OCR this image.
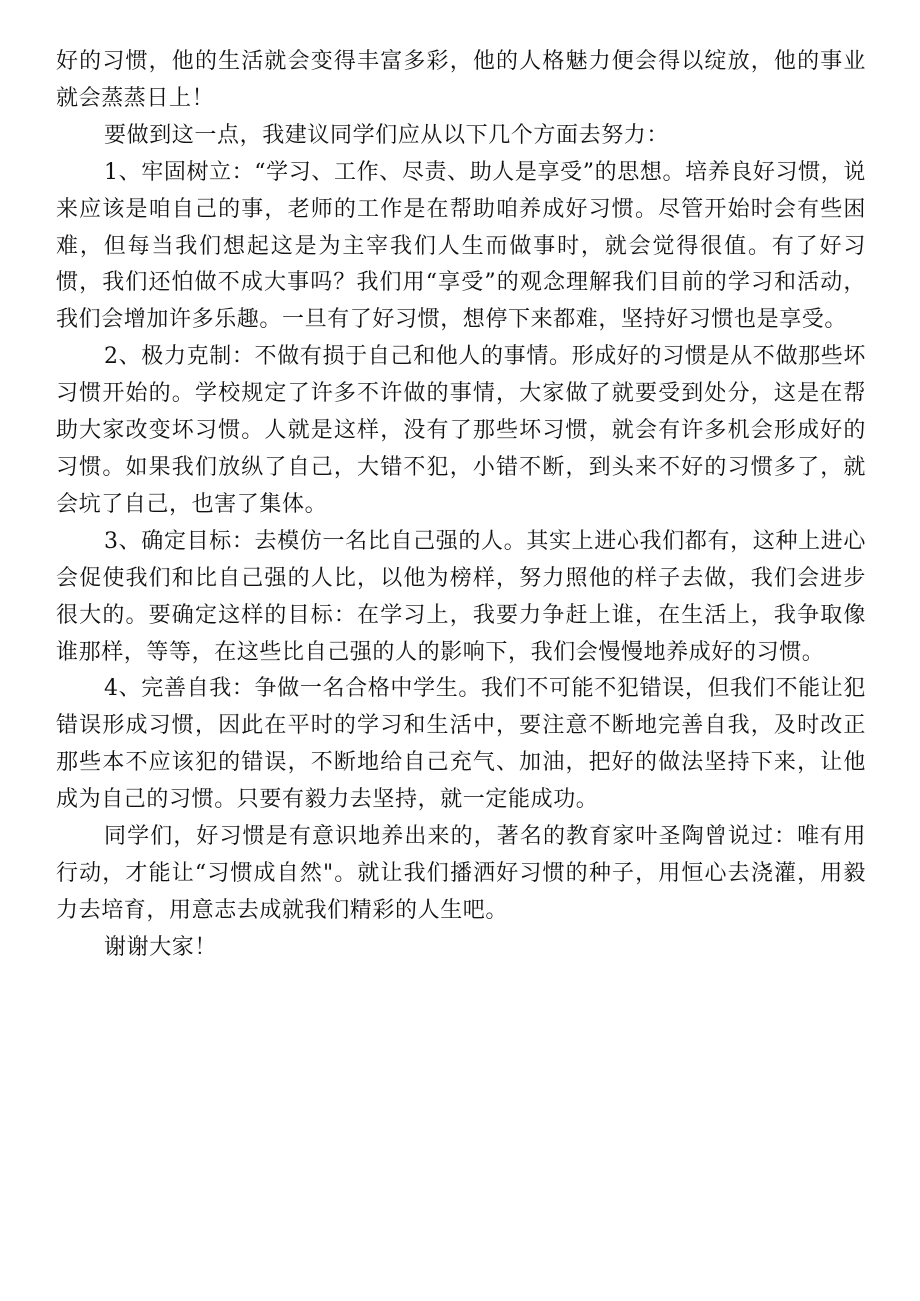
好的习惯，他的生活就会变得丰富多彩，他的人格魅力便会得以绽放，他的事业就会蒸蒸日上！

要做到这一点，我建议同学们应从以下几个方面去努力：

1、牢固树立：“学习、工作、尽责、助人是享受”的思想。培养良好习惯，说来应该是咱自己的事，老师的工作是在帮助咱养成好习惯。尽管开始时会有些困难，但每当我们想起这是为主宰我们人生而做事时，就会觉得很值。有了好习惯，我们还怕做不成大事吗？我们用“享受”的观念理解我们目前的学习和活动，我们会增加许多乐趣。一旦有了好习惯，想停下来都难，坚持好习惯也是享受。

2、极力克制：不做有损于自己和他人的事情。形成好的习惯是从不做那些坏习惯开始的。学校规定了许多不许做的事情，大家做了就要受到处分，这是在帮助大家改变坏习惯。人就是这样，没有了那些坏习惯，就会有许多机会形成好的习惯。如果我们放纵了自己，大错不犯，小错不断，到头来不好的习惯多了，就会坑了自己，也害了集体。

3、确定目标：去模仿一名比自己强的人。其实上进心我们都有，这种上进心会促使我们和比自己强的人比，以他为榜样，努力照他的样子去做，我们会进步很大的。要确定这样的目标：在学习上，我要力争赶上谁，在生活上，我争取像谁那样，等等，在这些比自己强的人的影响下，我们会慢慢地养成好的习惯。

4、完善自我：争做一名合格中学生。我们不可能不犯错误，但我们不能让犯错误形成习惯，因此在平时的学习和生活中，要注意不断地完善自我，及时改正那些本不应该犯的错误，不断地给自己充气、加油，把好的做法坚持下来，让他成为自己的习惯。只要有毅力去坚持，就一定能成功。

同学们，好习惯是有意识地养出来的，著名的教育家叶圣陶曾说过：唯有用行动，才能让“习惯成自然"。就让我们播洒好习惯的种子，用恒心去浇灌，用毅力去培育，用意志去成就我们精彩的人生吧。

谢谢大家！
